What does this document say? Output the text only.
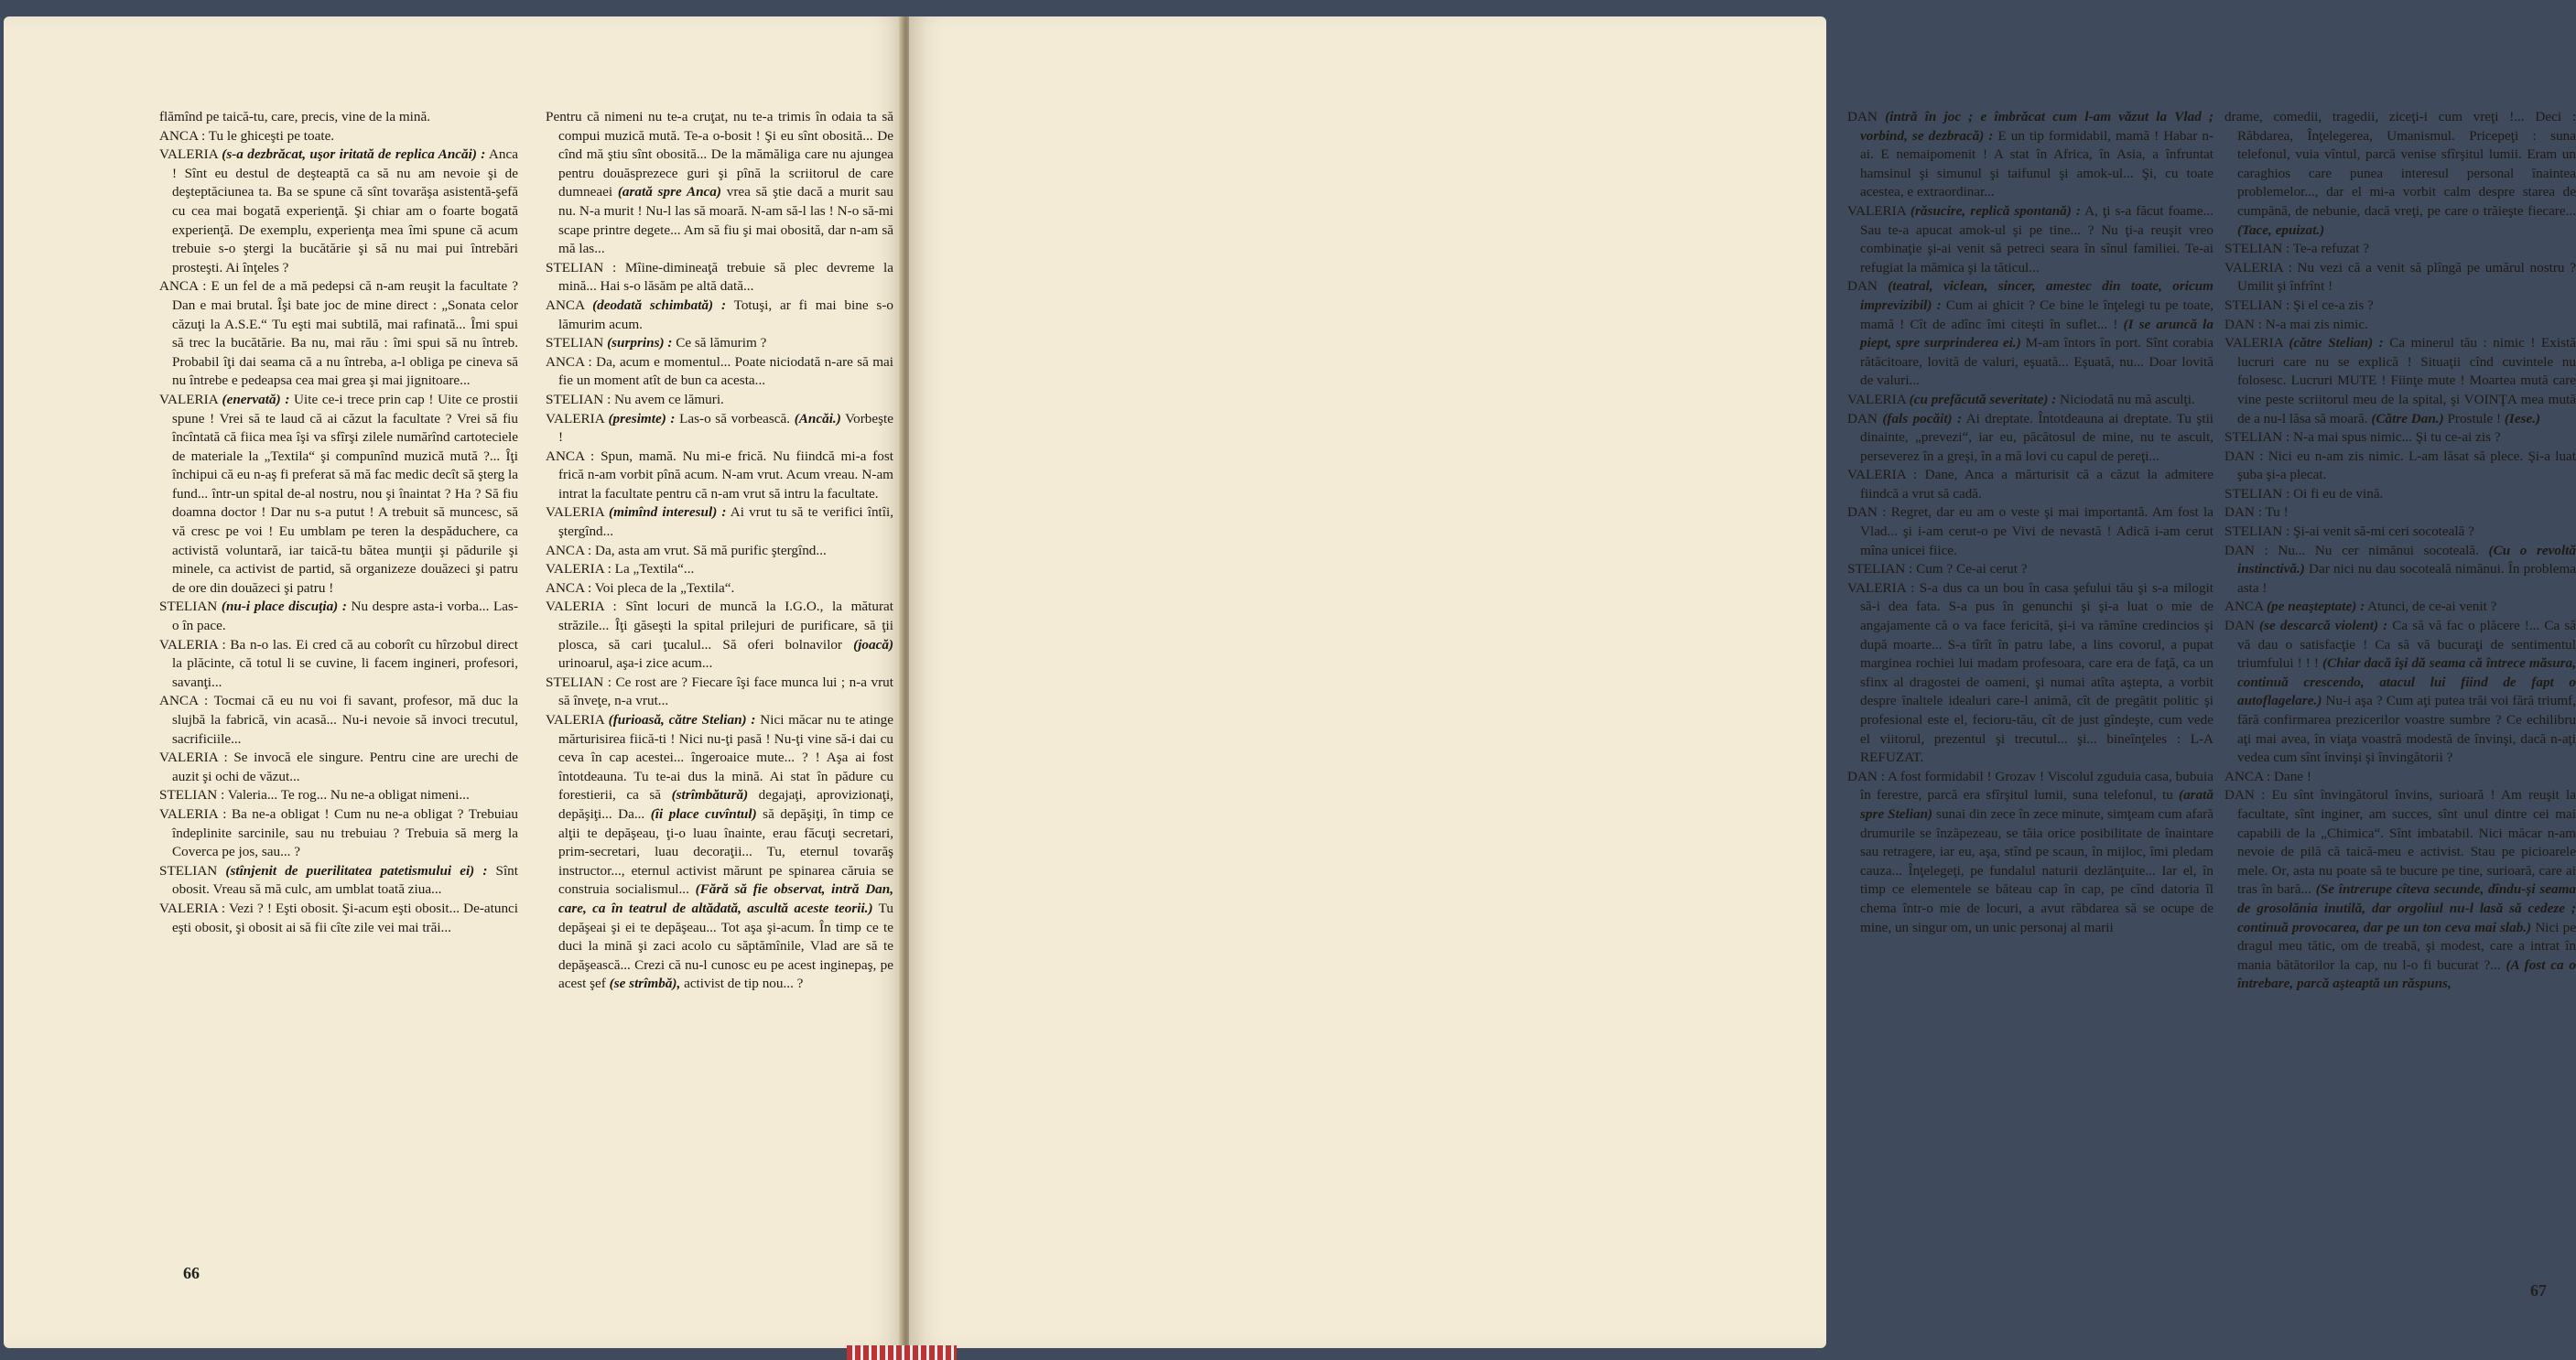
flămînd pe taică-tu, care, precis, vine de la mină.

ANCA : Tu le ghiceşti pe toate.

VALERIA (s-a dezbrăcat, uşor iritată de replica Ancăi) : Anca ! Sînt eu destul de deşteaptă ca să nu am nevoie şi de deşteptăciunea ta. Ba se spune că sînt tovarăşa asistentă-şefă cu cea mai bogată experienţă. Şi chiar am o foarte bogată experienţă. De exemplu, experienţa mea îmi spune că acum trebuie s-o ştergi la bucătărie şi să nu mai pui întrebări prosteşti. Ai înţeles ?

ANCA : E un fel de a mă pedepsi că n-am reuşit la facultate ? Dan e mai brutal. Îşi bate joc de mine direct : „Sonata celor căzuţi la A.S.E.“ Tu eşti mai subtilă, mai rafinată... Îmi spui să trec la bucătărie. Ba nu, mai rău : îmi spui să nu întreb. Probabil îţi dai seama că a nu întreba, a-l obliga pe cineva să nu întrebe e pedeapsa cea mai grea şi mai jignitoare...

VALERIA (enervată) : Uite ce-i trece prin cap ! Uite ce prostii spune ! Vrei să te laud că ai căzut la facultate ? Vrei să fiu încîntată că fiica mea îşi va sfîrşi zilele numărînd cartoteciele de materiale la „Textila“ şi compunînd muzică mută ?... Îţi închipui că eu n-aş fi preferat să mă fac medic decît să şterg la fund... într-un spital de-al nostru, nou şi înaintat ? Ha ? Să fiu doamna doctor ! Dar nu s-a putut ! A trebuit să muncesc, să vă cresc pe voi ! Eu umblam pe teren la despăducherе, ca activistă voluntară, iar taică-tu bătea munţii şi pădurile şi minele, ca activist de partid, să organizeze douăzeci şi patru de ore din douăzeci şi patru !

STELIAN (nu-i place discuţia) : Nu despre asta-i vorba... Las-o în pace.

VALERIA : Ba n-o las. Ei cred că au coborît cu hîrzobul direct la plăcinte, că totul li se cuvine, li facem ingineri, profesori, savanţi...

ANCA : Tocmai că eu nu voi fi savant, profesor, mă duc la slujbă la fabrică, vin acasă... Nu-i nevoie să invoci trecutul, sacrificiile...

VALERIA : Se invocă ele singure. Pentru cine are urechi de auzit şi ochi de văzut...

STELIAN : Valeria... Te rog... Nu ne-a obligat nimeni...

VALERIA : Ba ne-a obligat ! Cum nu ne-a obligat ? Trebuiau îndeplinite sarcinile, sau nu trebuiau ? Trebuia să merg la Coverca pe jos, sau... ?

STELIAN (stînjenit de puerilitatea patetismului ei) : Sînt obosit. Vreau să mă culc, am umblat toată ziua...

VALERIA : Vezi ? ! Eşti obosit. Şi-acum eşti obosit... De-atunci eşti obosit, şi obosit ai să fii cîte zile vei mai trăi...

Pentru că nimeni nu te-a cruţat, nu te-a trimis în odaia ta să compui muzică mută. Te-a o-bosit ! Şi eu sînt obosită... De cînd mă ştiu sînt obosită... De la mămăliga care nu ajungea pentru douăsprezece guri şi pînă la scriitorul de care dumneaei (arată spre Anca) vrea să ştie dacă a murit sau nu. N-a murit ! Nu-l las să moară. N-am să-l las ! N-o să-mi scape printre degete... Am să fiu şi mai obosită, dar n-am să mă las...

STELIAN : Mîine-dimineaţă trebuie să plec devreme la mină... Hai s-o lăsăm pe altă dată...

ANCA (deodată schimbată) : Totuşi, ar fi mai bine s-o lămurim acum.

STELIAN (surprins) : Ce să lămurim ?

ANCA : Da, acum e momentul... Poate niciodată n-are să mai fie un moment atît de bun ca acesta...

STELIAN : Nu avem ce lămuri.

VALERIA (presimte) : Las-o să vorbească. (Ancăi.) Vorbeşte !

ANCA : Spun, mamă. Nu mi-e frică. Nu fiindcă mi-a fost frică n-am vorbit pînă acum. N-am vrut. Acum vreau. N-am intrat la facultate pentru că n-am vrut să intru la facultate.

VALERIA (mimînd interesul) : Ai vrut tu să te verifici întîi, ştergînd...

ANCA : Da, asta am vrut. Să mă purific ştergînd...

VALERIA : La „Textila“...

ANCA : Voi pleca de la „Textila“.

VALERIA : Sînt locuri de muncă la I.G.O., la măturat străzile... Îţi găseşti la spital prilejuri de purificare, să ţii plosca, să cari ţucalul... Să oferi bolnavilor (joacă) urinoarul, aşa-i zice acum...

STELIAN : Ce rost are ? Fiecare îşi face munca lui ; n-a vrut să înveţe, n-a vrut...

VALERIA (furioasă, către Stelian) : Nici măcar nu te atinge mărturisirea fiică-ti ! Nici nu-ţi pasă ! Nu-ţi vine să-i dai cu ceva în cap acestei... îngeroaice mute... ? ! Aşa ai fost întotdeauna. Tu te-ai dus la mină. Ai stat în pădure cu forestierii, ca să (strîmbătură) degajaţi, aprovizionaţi, depăşiţi... Da... (îi place cuvîntul) să depăşiţi, în timp ce alţii te depăşeau, ţi-o luau înainte, erau făcuţi secretari, prim-secretari, luau decoraţii... Tu, eternul tovarăş instructor..., eternul activist mărunt pe spinarea căruia se construia socialismul... (Fără să fie observat, intră Dan, care, ca în teatrul de altădată, ascultă aceste teorii.) Tu depăşeai şi ei te depăşeau... Tot aşa şi-acum. În timp ce te duci la mină şi zaci acolo cu săptămînile, Vlad are să te depăşească... Crezi că nu-l cunosc eu pe acest inginераş, pe acest şef (se strîmbă), activist de tip nou... ?

66

DAN (intră în joc ; e îmbrăcat cum l-am văzut la Vlad ; vorbind, se dezbracă) : E un tip formidabil, mamă ! Habar n-ai. E nemaipomenit ! A stat în Africa, în Asia, a înfruntat hamsinul şi simunul şi taifunul şi amok-ul... Şi, cu toate acestea, e extraordinar...

VALERIA (răsucire, replică spontană) : A, ţi s-a făcut foame... Sau te-a apucat amok-ul şi pe tine... ? Nu ţi-a reuşit vreo combinaţie şi-ai venit să petreci seara în sînul familiei. Te-ai refugiat la mămica şi la tăticul...

DAN (teatral, viclean, sincer, amestec din toate, oricum imprevizibil) : Cum ai ghicit ? Ce bine le înţelegi tu pe toate, mamă ! Cît de adînc îmi citeşti în suflet... ! (I se aruncă la piept, spre surprinderea ei.) M-am întors în port. Sînt corabia rătăcitoare, lovită de valuri, eşuată... Eşuată, nu... Doar lovită de valuri...

VALERIA (cu prefăcută severitate) : Niciodată nu mă asculţi.

DAN (fals pocăit) : Ai dreptate. Întotdeauna ai dreptate. Tu ştii dinainte, „prevezi“, iar eu, păcătosul de mine, nu te ascult, perseverez în a greşi, în a mă lovi cu capul de pereţi...

VALERIA : Dane, Anca a mărturisit că a căzut la admitere fiindcă a vrut să cadă.

DAN : Regret, dar eu am o veste şi mai importantă. Am fost la Vlad... şi i-am cerut-o pe Vivi de nevastă ! Adică i-am cerut mîna unicei fiice.

STELIAN : Cum ? Ce-ai cerut ?

VALERIA : S-a dus ca un bou în casa şefului tău şi s-a milogit să-i dea fata. S-a pus în genunchi şi şi-a luat o mie de angajamente că o va face fericită, şi-i va rămîne credincios şi după moarte... S-a tîrît în patru labe, a lins covorul, a pupat marginea rochiei lui madam profesoara, care era de faţă, ca un sfinx al dragostei de oameni, şi numai atîta aştepta, a vorbit despre înaltele idealuri care-l animă, cît de pregătit politic şi profesional este el, fecioru-tău, cît de just gîndeşte, cum vede el viitorul, prezentul şi trecutul... şi... bineînţeles : L-A REFUZAT.

DAN : A fost formidabil ! Grozav ! Viscolul zguduia casa, bubuia în ferestre, parcă era sfîrşitul lumii, suna telefonul, tu (arată spre Stelian) sunai din zece în zece minute, simţeam cum afară drumurile se înzăpezeau, se tăia orice posibilitate de înaintare sau retragere, iar eu, aşa, stînd pe scaun, în mijloc, îmi pledam cauza... Înţelegeţi, pe fundalul naturii dezlănţuite... Iar el, în timp ce elementele se băteau cap în cap, pe cînd datoria îl chema într-o mie de locuri, a avut răbdarea să se ocupe de mine, un singur om, un unic personaj al marii

drame, comedii, tragedii, ziceţi-i cum vreţi !... Deci : Răbdarea, Înţelegerea, Umanismul. Pricepeţi : suna telefonul, vuia vîntul, parcă venise sfîrşitul lumii. Eram un caraghios care punea interesul personal înaintea problemelor..., dar el mi-a vorbit calm despre starea de cumpănă, de nebunie, dacă vreţi, pe care o trăieşte fiecare... (Tace, epuizat.)

STELIAN : Te-a refuzat ?

VALERIA : Nu vezi că a venit să plîngă pe umărul nostru ? Umilit şi înfrînt !

STELIAN : Şi el ce-a zis ?

DAN : N-a mai zis nimic.

VALERIA (către Stelian) : Ca minerul tău : nimic ! Există lucruri care nu se explică ! Situaţii cînd cuvintele nu folosesc. Lucruri MUTE ! Fiinţe mute ! Moartea mută care vine peste scriitorul meu de la spital, şi VOINŢA mea mută de a nu-l lăsa să moară. (Către Dan.) Prostule ! (Iese.)

STELIAN : N-a mai spus nimic... Şi tu ce-ai zis ?

DAN : Nici eu n-am zis nimic. L-am lăsat să plece. Şi-a luat şuba şi-a plecat.

STELIAN : Oi fi eu de vină.

DAN : Tu !

STELIAN : Şi-ai venit să-mi ceri socoteală ?

DAN : Nu... Nu cer nimănui socoteală. (Cu o revoltă instinctivă.) Dar nici nu dau socoteală nimănui. În problema asta !

ANCA (pe neaşteptate) : Atunci, de ce-ai venit ?

DAN (se descarcă violent) : Ca să vă fac o plăcere !... Ca să vă dau o satisfacţie ! Ca să vă bucuraţi de sentimentul triumfului ! ! ! (Chiar dacă îşi dă seama că întrece măsura, continuă crescendo, atacul lui fiind de fapt o autoflagelare.) Nu-i aşa ? Cum aţi putea trăi voi fără triumf, fără confirmarea prezicerilor voastre sumbre ? Ce echilibru aţi mai avea, în viaţa voastră modestă de învinşi, dacă n-aţi vedea cum sînt învinşi şi învingătorii ?

ANCA : Dane !

DAN : Eu sînt învingătorul învins, surioară ! Am reuşit la facultate, sînt inginer, am succes, sînt unul dintre cei mai capabili de la „Chimica“. Sînt imbatabil. Nici măcar n-am nevoie de pilă că taică-meu e activist. Stau pe picioarele mele. Or, asta nu poate să te bucure pe tine, surioară, care ai tras în bară... (Se întrerupe cîteva secunde, dîndu-şi seama de grosolănia inutilă, dar orgoliul nu-l lasă să cedeze ; continuă provocarea, dar pe un ton ceva mai slab.) Nici pe dragul meu tătic, om de treabă, şi modest, care a intrat în mania bătătorilor la cap, nu l-o fi bucurat ?... (A fost ca o întrebare, parcă aşteaptă un răspuns,

67
